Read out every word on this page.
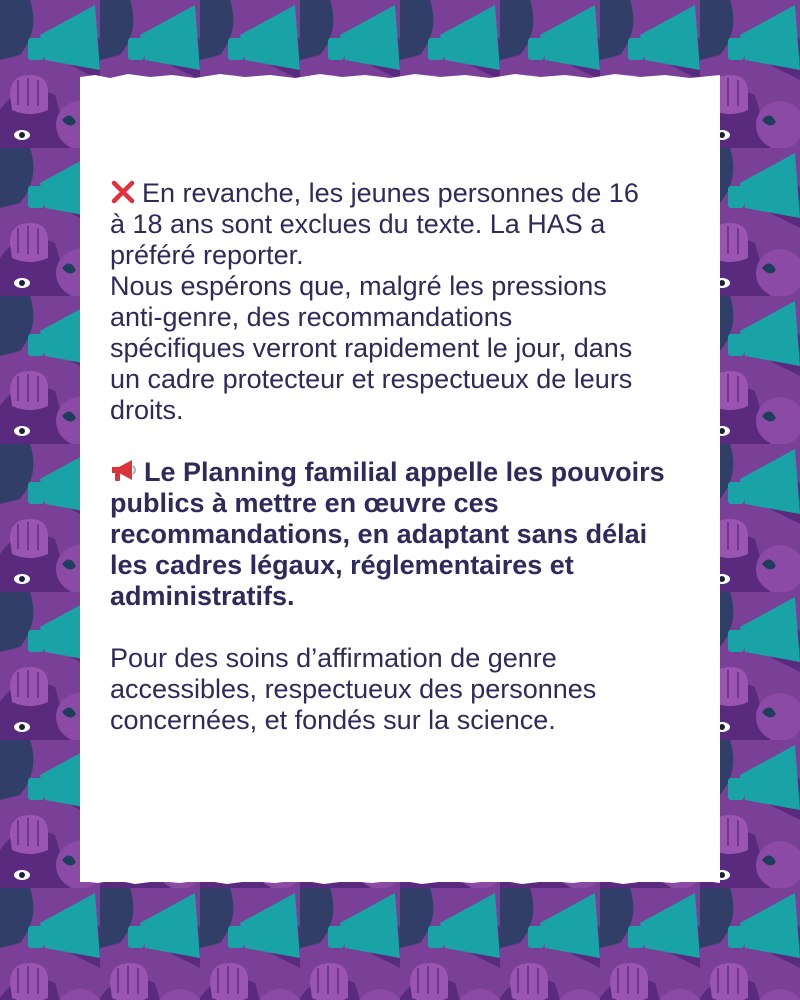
En revanche, les jeunes personnes de 16
à 18 ans sont exclues du texte. La HAS a
préféré reporter.
Nous espérons que, malgré les pressions
anti-genre, des recommandations
spécifiques verront rapidement le jour, dans
un cadre protecteur et respectueux de leurs
droits.

Le Planning familial appelle les pouvoirs
publics à mettre en œuvre ces
recommandations, en adaptant sans délai
les cadres légaux, réglementaires et
administratifs.

Pour des soins d’affirmation de genre
accessibles, respectueux des personnes
concernées, et fondés sur la science.
